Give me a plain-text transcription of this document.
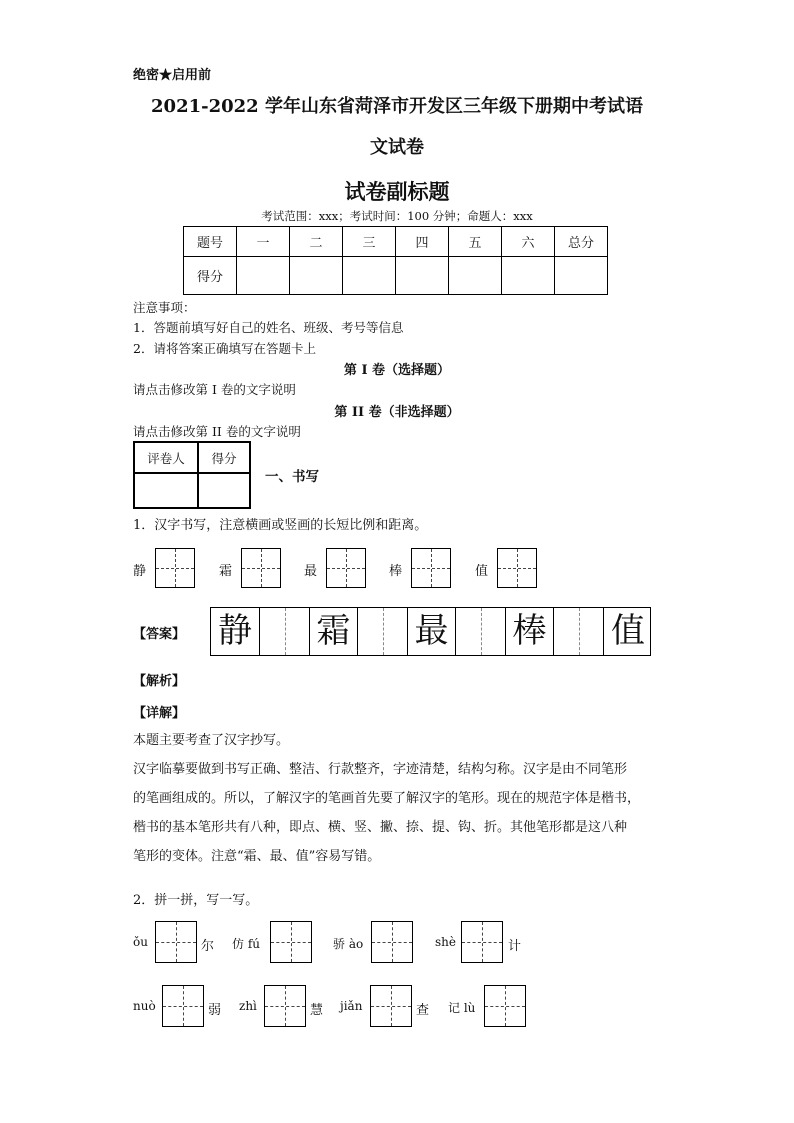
绝密★启用前
2021-2022 学年山东省菏泽市开发区三年级下册期中考试语
文试卷
试卷副标题
考试范围：xxx；考试时间：100 分钟；命题人：xxx
题号	一	二	三	四	五	六	总分
得分							
注意事项：
1．答题前填写好自己的姓名、班级、考号等信息
2．请将答案正确填写在答题卡上
第 I 卷（选择题）
请点击修改第 I 卷的文字说明
第 II 卷（非选择题）
请点击修改第 II 卷的文字说明
评卷人	得分

一、书写
1．汉字书写，注意横画或竖画的长短比例和距离。
静	霜	最	棒	值
【答案】 静 霜 最 棒 值
【解析】
【详解】
本题主要考查了汉字抄写。
汉字临摹要做到书写正确、整洁、行款整齐，字迹清楚，结构匀称。汉字是由不同笔形
的笔画组成的。所以，了解汉字的笔画首先要了解汉字的笔形。现在的规范字体是楷书，
楷书的基本笔形共有八种，即点、横、竖、撇、捺、提、钩、折。其他笔形都是这八种
笔形的变体。注意“霜、最、值”容易写错。
2．拼一拼，写一写。
ǒu	尔 仿 fú	骄 ào	shè	计
nuò	弱 zhì	慧 jiǎn	查 记 lù
